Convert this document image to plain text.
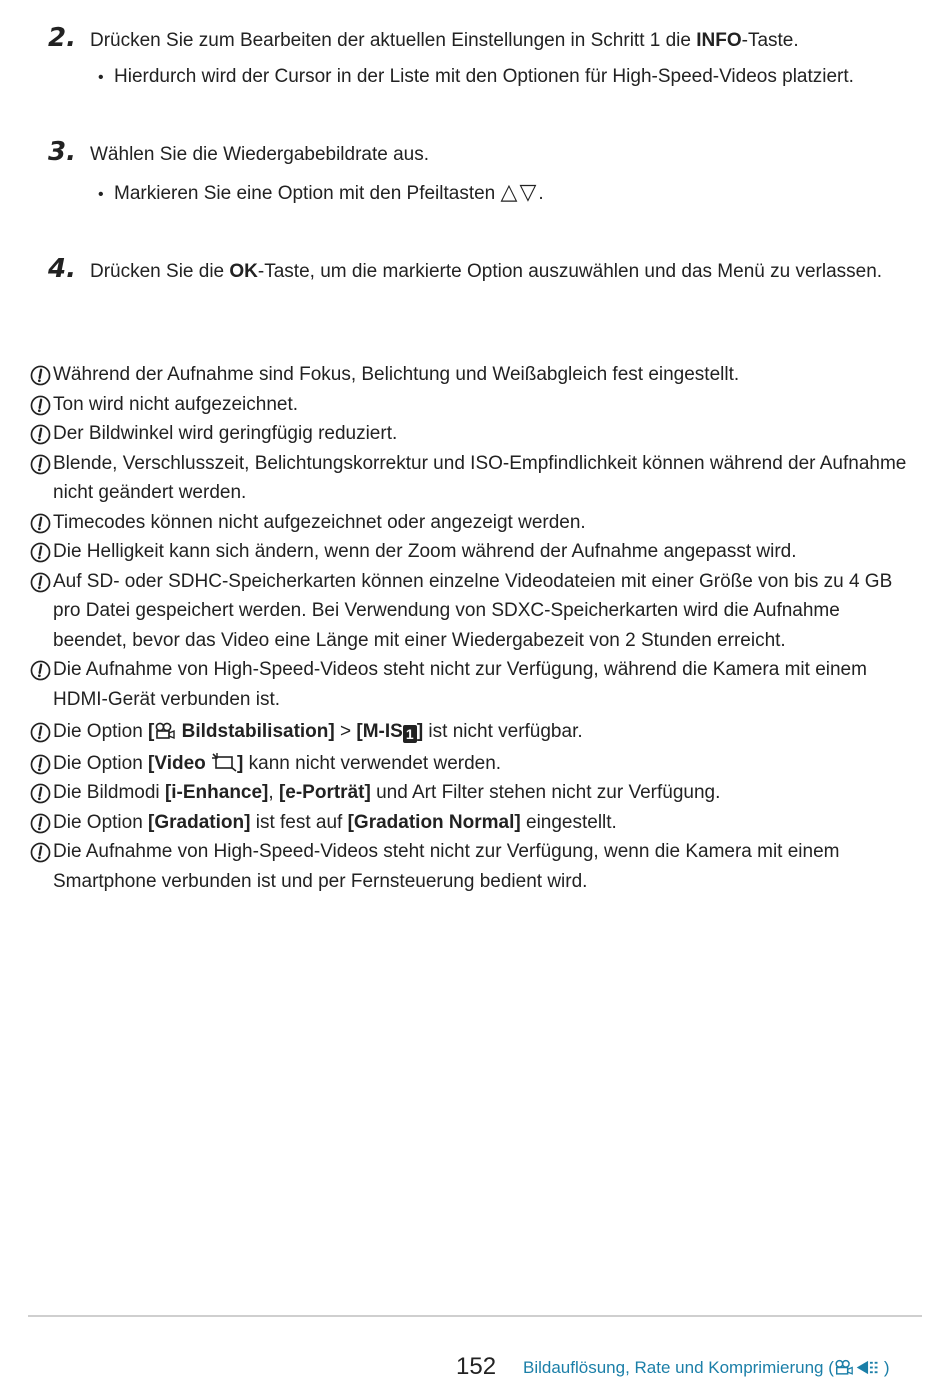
2. Drücken Sie zum Bearbeiten der aktuellen Einstellungen in Schritt 1 die INFO-Taste.
• Hierdurch wird der Cursor in der Liste mit den Optionen für High-Speed-Videos platziert.
3. Wählen Sie die Wiedergabebildrate aus.
• Markieren Sie eine Option mit den Pfeiltasten △▽.
4. Drücken Sie die OK-Taste, um die markierte Option auszuwählen und das Menü zu verlassen.
Während der Aufnahme sind Fokus, Belichtung und Weißabgleich fest eingestellt.
Ton wird nicht aufgezeichnet.
Der Bildwinkel wird geringfügig reduziert.
Blende, Verschlusszeit, Belichtungskorrektur und ISO-Empfindlichkeit können während der Aufnahme nicht geändert werden.
Timecodes können nicht aufgezeichnet oder angezeigt werden.
Die Helligkeit kann sich ändern, wenn der Zoom während der Aufnahme angepasst wird.
Auf SD- oder SDHC-Speicherkarten können einzelne Videodateien mit einer Größe von bis zu 4 GB pro Datei gespeichert werden. Bei Verwendung von SDXC-Speicherkarten wird die Aufnahme beendet, bevor das Video eine Länge mit einer Wiedergabezeit von 2 Stunden erreicht.
Die Aufnahme von High-Speed-Videos steht nicht zur Verfügung, während die Kamera mit einem HDMI-Gerät verbunden ist.
Die Option [ Bildstabilisation] > [M-IS 1 ] ist nicht verfügbar.
Die Option [Video ] kann nicht verwendet werden.
Die Bildmodi [i-Enhance], [e-Porträt] und Art Filter stehen nicht zur Verfügung.
Die Option [Gradation] ist fest auf [Gradation Normal] eingestellt.
Die Aufnahme von High-Speed-Videos steht nicht zur Verfügung, wenn die Kamera mit einem Smartphone verbunden ist und per Fernsteuerung bedient wird.
152 Bildauflösung, Rate und Komprimierung (	)
